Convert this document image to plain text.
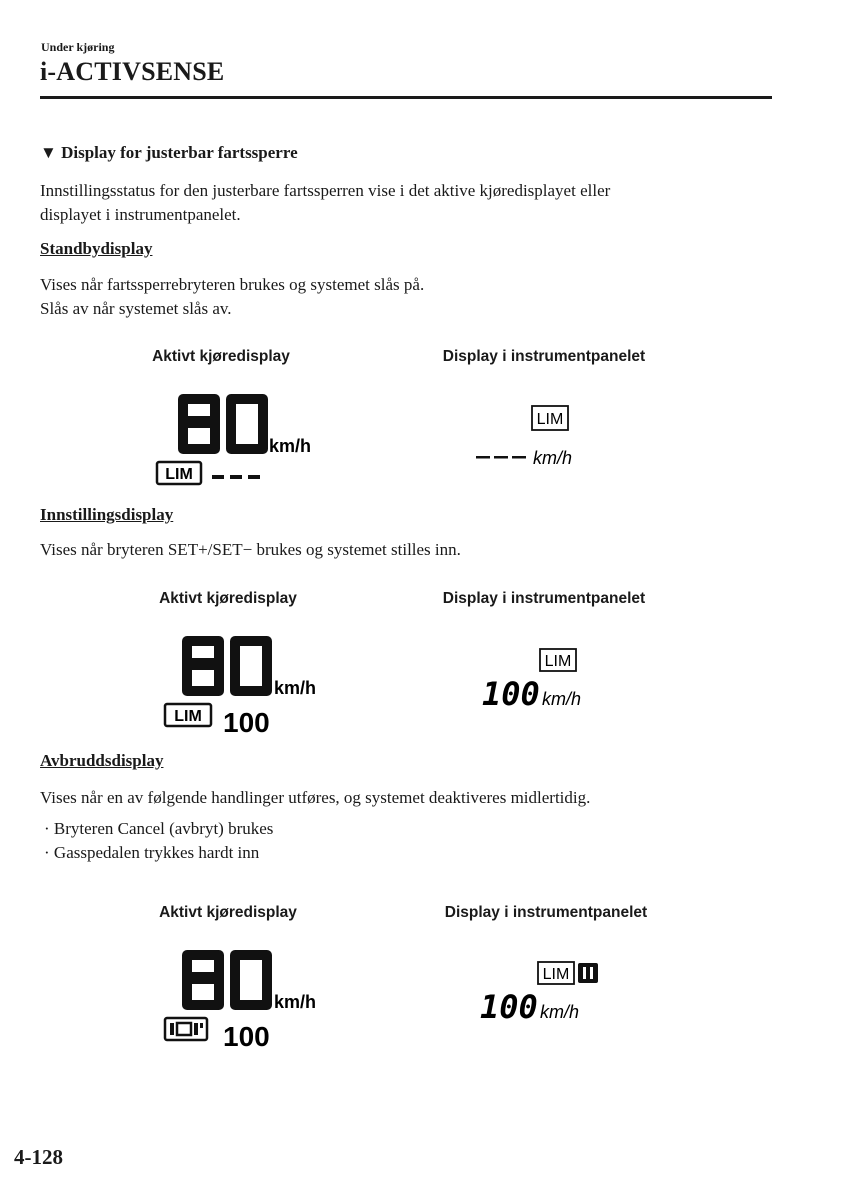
Under kjøring
i-ACTIVSENSE
▼ Display for justerbar fartssperre
Innstillingsstatus for den justerbare fartssperren vise i det aktive kjøredisplayet eller
displayet i instrumentpanelet.
Standbydisplay
Vises når fartssperrebryteren brukes og systemet slås på.
Slås av når systemet slås av.
Aktivt kjøredisplay	Display i instrumentpanelet
km/h
LIM
LIM
km/h
Innstillingsdisplay
Vises når bryteren SET+/SET− brukes og systemet stilles inn.
Aktivt kjøredisplay	Display i instrumentpanelet
km/h
LIM 100
LIM
100 km/h
Avbruddsdisplay
Vises når en av følgende handlinger utføres, og systemet deaktiveres midlertidig.
· Bryteren Cancel (avbryt) brukes
· Gasspedalen trykkes hardt inn
Aktivt kjøredisplay	Display i instrumentpanelet
km/h
100
LIM
100 km/h
4-128
